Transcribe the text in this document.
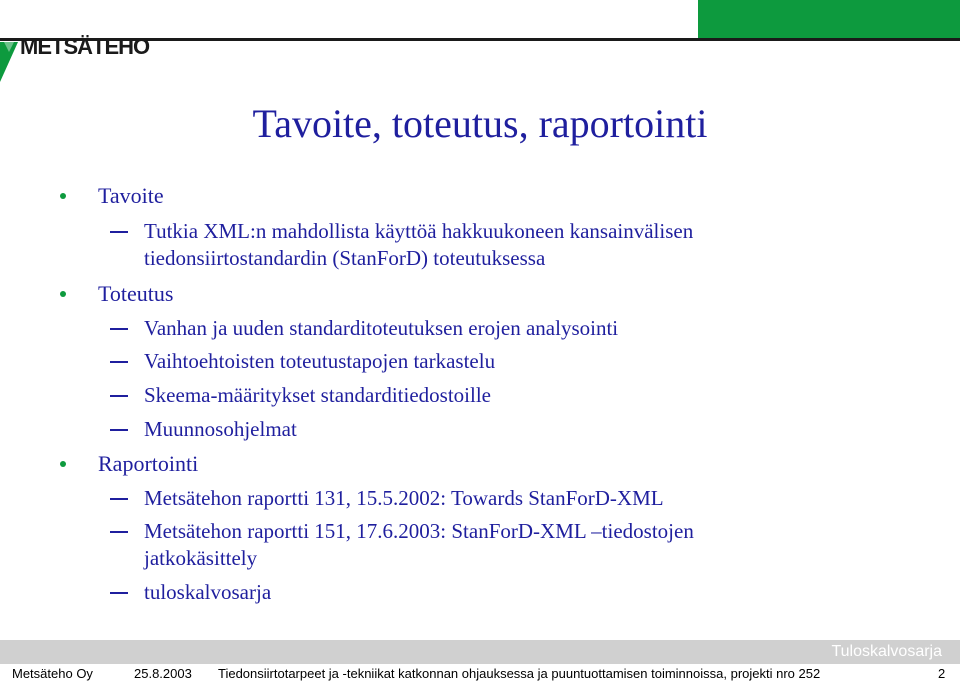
METSÄTEHO
Tavoite, toteutus, raportointi
Tavoite
Tutkia XML:n mahdollista käyttöä hakkuukoneen kansainvälisen
tiedonsiirtostandardin (StanForD) toteutuksessa
Toteutus
Vanhan ja uuden standarditoteutuksen erojen analysointi
Vaihtoehtoisten toteutustapojen tarkastelu
Skeema-määritykset standarditiedostoille
Muunnosohjelmat
Raportointi
Metsätehon raportti 131, 15.5.2002: Towards StanForD-XML
Metsätehon raportti 151, 17.6.2003: StanForD-XML –tiedostojen
jatkokäsittely
tuloskalvosarja
Tuloskalvosarja
Metsäteho Oy	25.8.2003 Tiedonsiirtotarpeet ja -tekniikat katkonnan ohjauksessa ja puuntuottamisen toiminnoissa, projekti nro 252	2
